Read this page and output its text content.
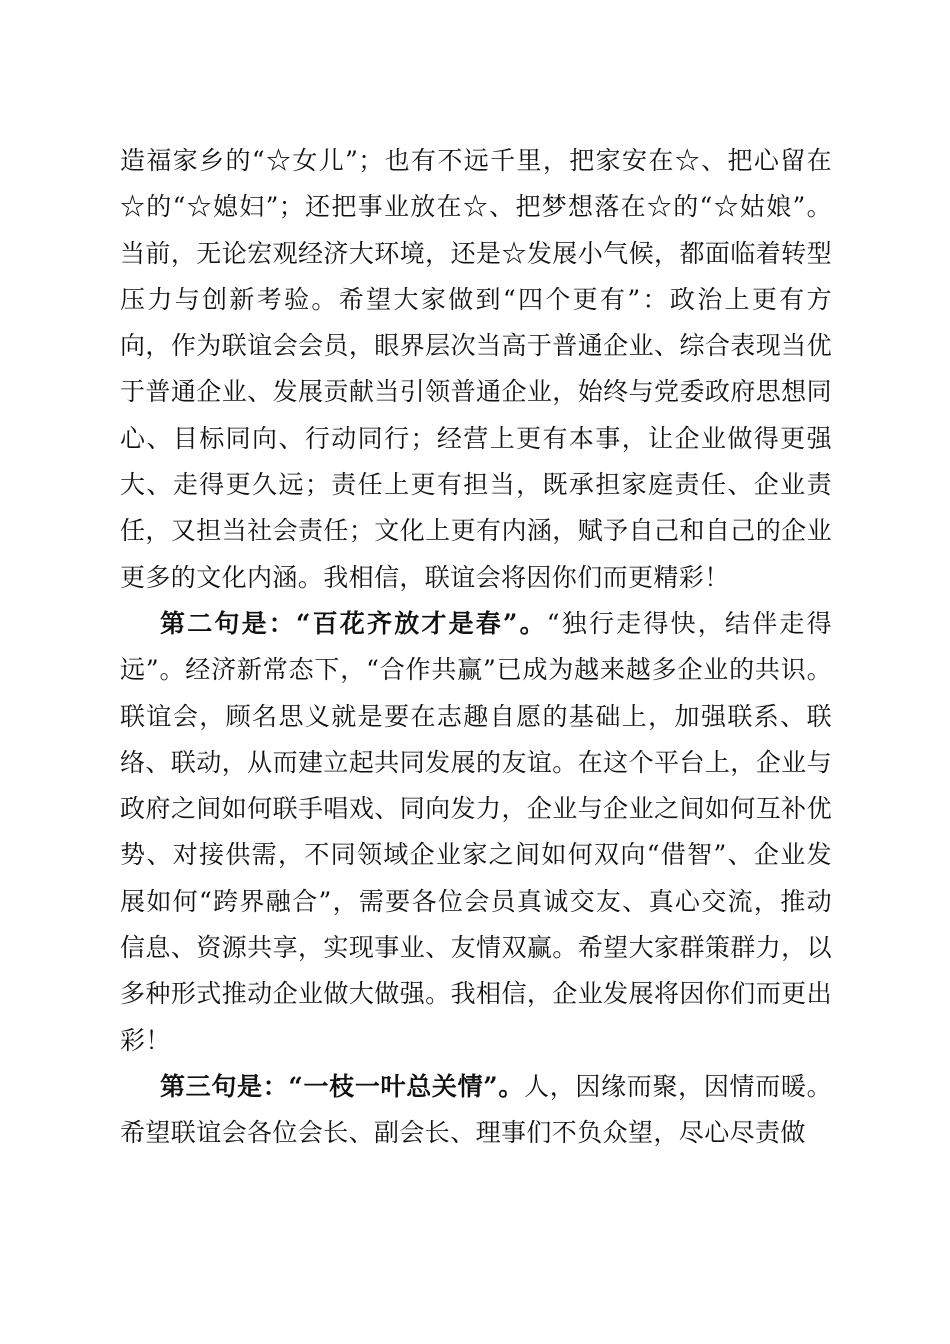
造福家乡的“☆女儿”；也有不远千里，把家安在☆、把心留在☆的“☆媳妇”；还把事业放在☆、把梦想落在☆的“☆姑娘”。当前，无论宏观经济大环境，还是☆发展小气候，都面临着转型压力与创新考验。希望大家做到“四个更有”：政治上更有方向，作为联谊会会员，眼界层次当高于普通企业、综合表现当优于普通企业、发展贡献当引领普通企业，始终与党委政府思想同心、目标同向、行动同行；经营上更有本事，让企业做得更强大、走得更久远；责任上更有担当，既承担家庭责任、企业责任，又担当社会责任；文化上更有内涵，赋予自己和自己的企业更多的文化内涵。我相信，联谊会将因你们而更精彩！

第二句是：“百花齐放才是春”。“独行走得快，结伴走得远”。经济新常态下，“合作共赢”已成为越来越多企业的共识。联谊会，顾名思义就是要在志趣自愿的基础上，加强联系、联络、联动，从而建立起共同发展的友谊。在这个平台上，企业与政府之间如何联手唱戏、同向发力，企业与企业之间如何互补优势、对接供需，不同领域企业家之间如何双向“借智”、企业发展如何“跨界融合”，需要各位会员真诚交友、真心交流，推动信息、资源共享，实现事业、友情双赢。希望大家群策群力，以多种形式推动企业做大做强。我相信，企业发展将因你们而更出彩！

第三句是：“一枝一叶总关情”。人，因缘而聚，因情而暖。希望联谊会各位会长、副会长、理事们不负众望，尽心尽责做
